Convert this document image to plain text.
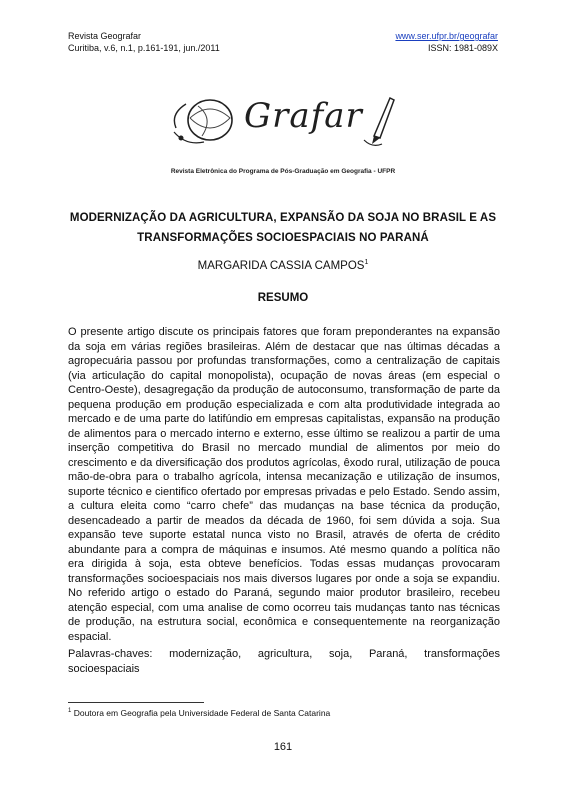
Revista Geografar
Curitiba, v.6, n.1, p.161-191, jun./2011
www.ser.ufpr.br/geografar
ISSN: 1981-089X
Grafar
Revista Eletrônica do Programa de Pós-Graduação em Geografia - UFPR
MODERNIZAÇÃO DA AGRICULTURA, EXPANSÃO DA SOJA NO BRASIL E AS
TRANSFORMAÇÕES SOCIOESPACIAIS NO PARANÁ
MARGARIDA CASSIA CAMPOS$^1$
RESUMO

O presente artigo discute os principais fatores que foram preponderantes na expansão da soja em várias regiões brasileiras. Além de destacar que nas últimas décadas a agropecuária passou por profundas transformações, como a centralização de capitais (via articulação do capital monopolista), ocupação de novas áreas (em especial o Centro-Oeste), desagregação da produção de autoconsumo, transformação de parte da pequena produção em produção especializada e com alta produtividade integrada ao mercado e de uma parte do latifúndio em empresas capitalistas, expansão na produção de alimentos para o mercado interno e externo, esse último se realizou a partir de uma inserção competitiva do Brasil no mercado mundial de alimentos por meio do crescimento e da diversificação dos produtos agrícolas, êxodo rural, utilização de pouca mão-de-obra para o trabalho agrícola, intensa mecanização e utilização de insumos, suporte técnico e cientifico ofertado por empresas privadas e pelo Estado. Sendo assim, a cultura eleita como “carro chefe” das mudanças na base técnica da produção, desencadeado a partir de meados da década de 1960, foi sem dúvida a soja. Sua expansão teve suporte estatal nunca visto no Brasil, através de oferta de crédito abundante para a compra de máquinas e insumos. Até mesmo quando a política não era dirigida à soja, esta obteve benefícios. Todas essas mudanças provocaram transformações socioespaciais nos mais diversos lugares por onde a soja se expandiu. No referido artigo o estado do Paraná, segundo maior produtor brasileiro, recebeu atenção especial, com uma analise de como ocorreu tais mudanças tanto nas técnicas de produção, na estrutura social, econômica e consequentemente na reorganização espacial.

Palavras-chaves: modernização, agricultura, soja, Paraná, transformações
socioespaciais
$^1$ Doutora em Geografia pela Universidade Federal de Santa Catarina
161
